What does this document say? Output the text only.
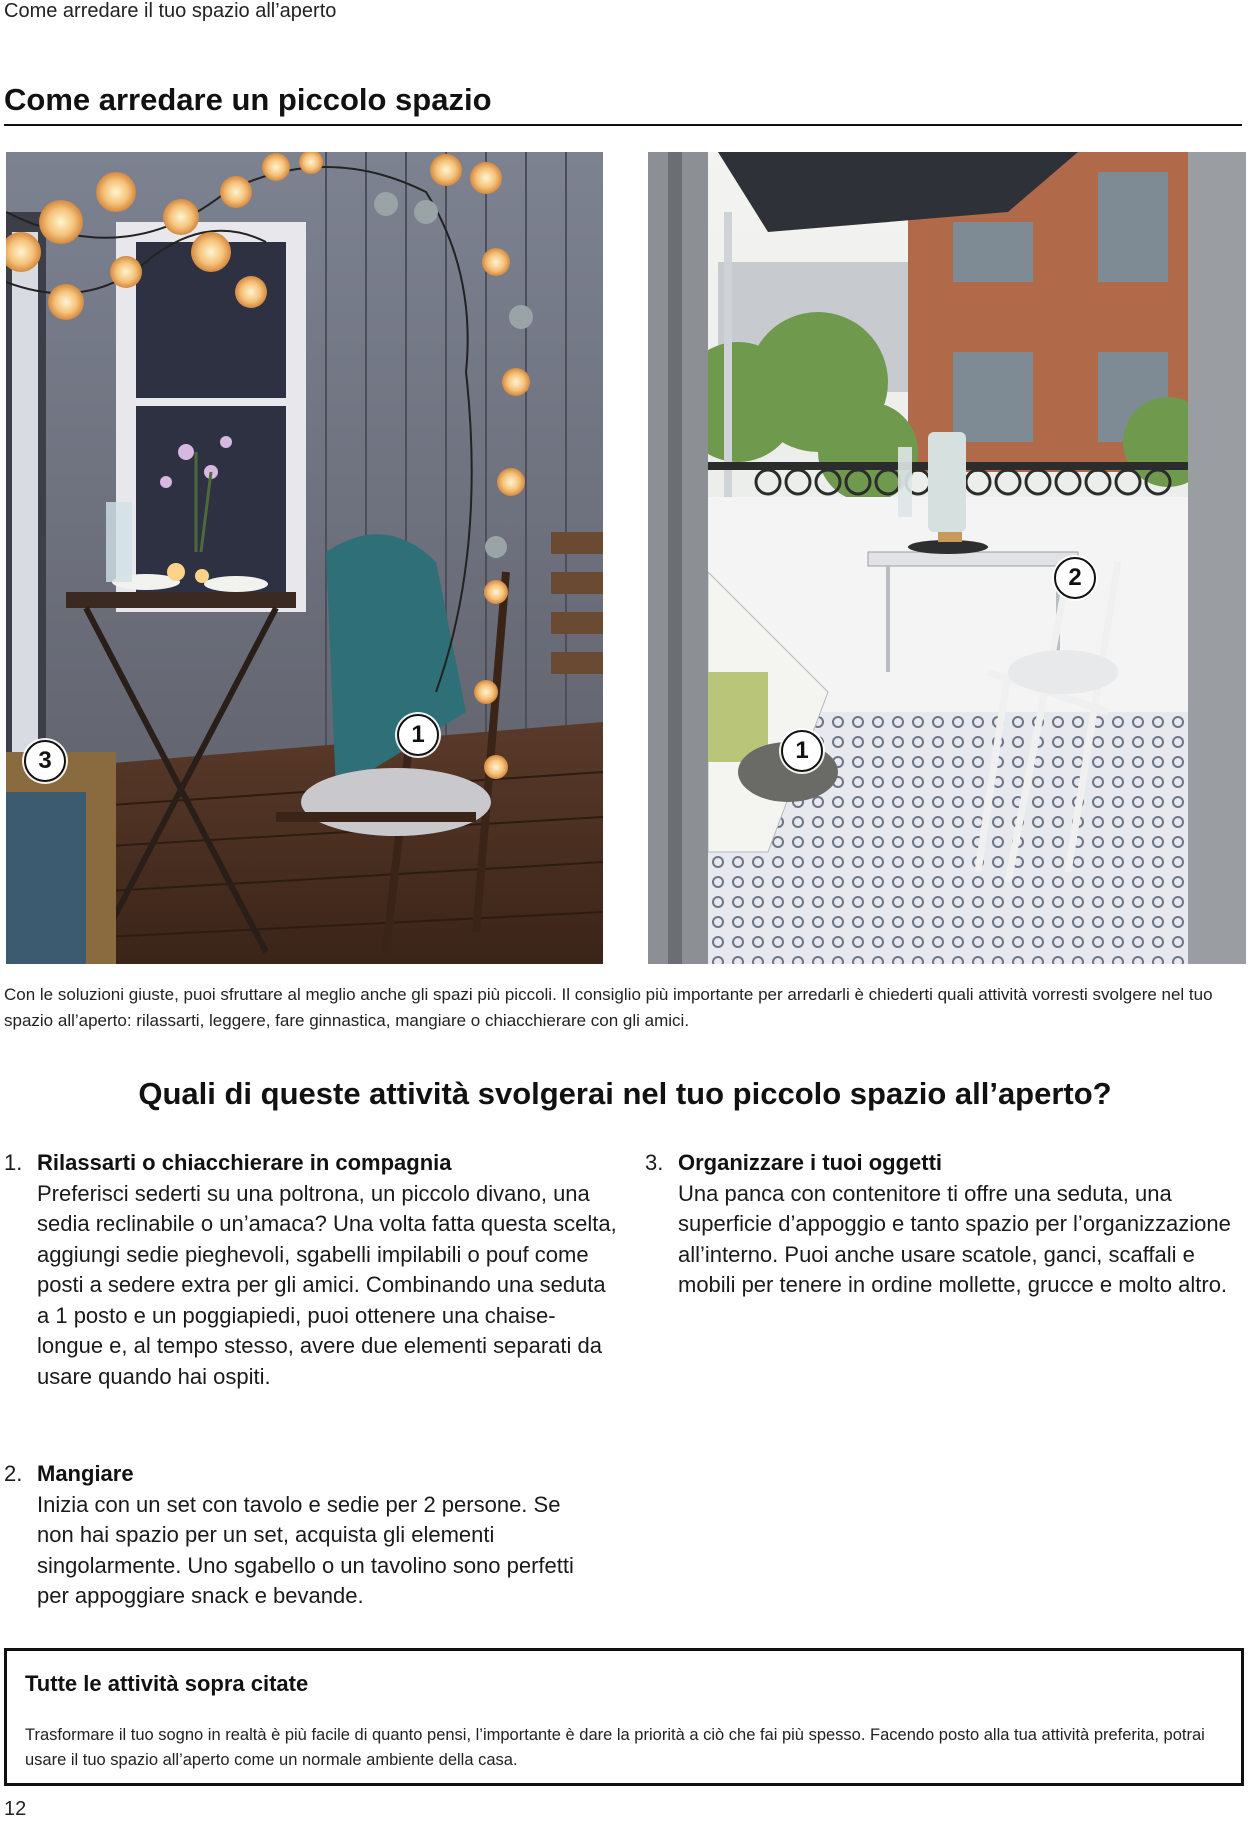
Come arredare il tuo spazio all’aperto
Come arredare un piccolo spazio
3
1
2
1

Con le soluzioni giuste, puoi sfruttare al meglio anche gli spazi più piccoli. Il consiglio più importante per arredarli è chiederti quali attività vorresti svolgere nel tuo spazio all’aperto: rilassarti, leggere, fare ginnastica, mangiare o chiacchierare con gli amici.

Quali di queste attività svolgerai nel tuo piccolo spazio all’aperto?
1. Rilassarti o chiacchierare in compagnia
Preferisci sederti su una poltrona, un piccolo divano, una sedia reclinabile o un’amaca? Una volta fatta questa scelta, aggiungi sedie pieghevoli, sgabelli impilabili o pouf come posti a sedere extra per gli amici. Combinando una seduta a 1 posto e un poggiapiedi, puoi ottenere una chaise-longue e, al tempo stesso, avere due elementi separati da usare quando hai ospiti.
2. Mangiare
Inizia con un set con tavolo e sedie per 2 persone. Se non hai spazio per un set, acquista gli elementi singolarmente. Uno sgabello o un tavolino sono perfetti per appoggiare snack e bevande.
3. Organizzare i tuoi oggetti
Una panca con contenitore ti offre una seduta, una superficie d’appoggio e tanto spazio per l’organizzazione all’interno. Puoi anche usare scatole, ganci, scaffali e mobili per tenere in ordine mollette, grucce e molto altro.
Tutte le attività sopra citate

Trasformare il tuo sogno in realtà è più facile di quanto pensi, l’importante è dare la priorità a ciò che fai più spesso. Facendo posto alla tua attività preferita, potrai usare il tuo spazio all’aperto come un normale ambiente della casa.

12
